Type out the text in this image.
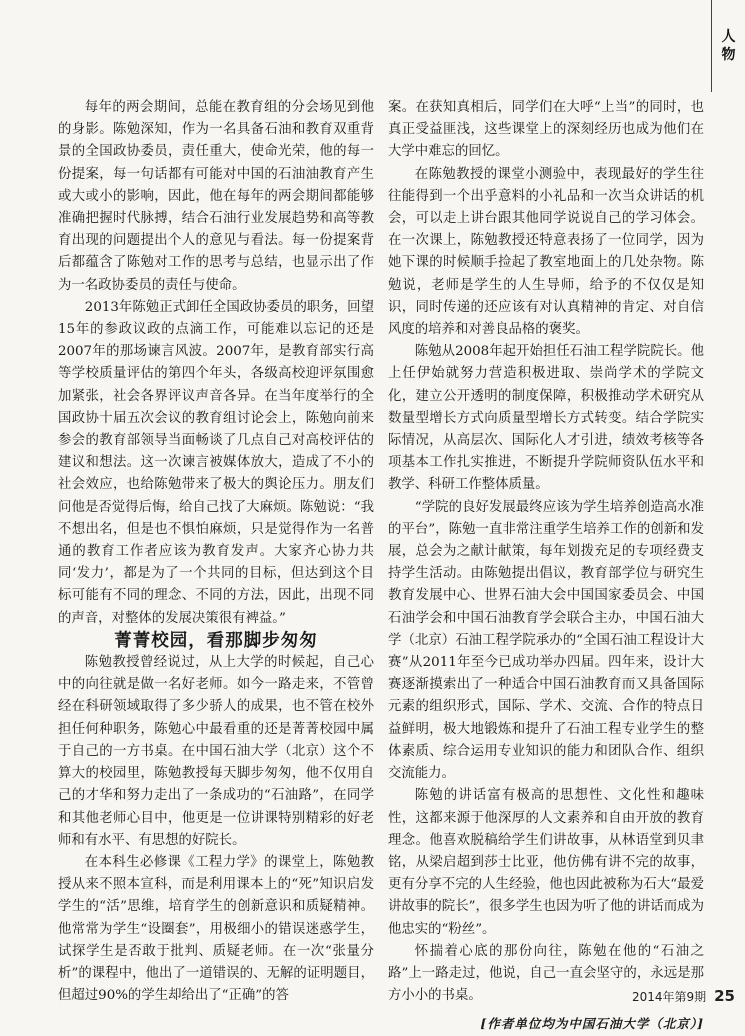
人
物

每年的两会期间，总能在教育组的分会场见到他的身影。陈勉深知，作为一名具备石油和教育双重背景的全国政协委员，责任重大，使命光荣，他的每一份提案，每一句话都有可能对中国的石油油教育产生或大或小的影响，因此，他在每年的两会期间都能够准确把握时代脉搏，结合石油行业发展趋势和高等教育出现的问题提出个人的意见与看法。每一份提案背后都蕴含了陈勉对工作的思考与总结，也显示出了作为一名政协委员的责任与使命。

2013年陈勉正式卸任全国政协委员的职务，回望15年的参政议政的点滴工作，可能难以忘记的还是2007年的那场谏言风波。2007年，是教育部实行高等学校质量评估的第四个年头，各级高校迎评氛围愈加紧张，社会各界评议声音各异。在当年度举行的全国政协十届五次会议的教育组讨论会上，陈勉向前来参会的教育部领导当面畅谈了几点自己对高校评估的建议和想法。这一次谏言被媒体放大，造成了不小的社会效应，也给陈勉带来了极大的舆论压力。朋友们问他是否觉得后悔，给自己找了大麻烦。陈勉说：“我不想出名，但是也不惧怕麻烦，只是觉得作为一名普通的教育工作者应该为教育发声。大家齐心协力共同‘发力’，都是为了一个共同的目标，但达到这个目标可能有不同的理念、不同的方法，因此，出现不同的声音，对整体的发展决策很有裨益。”

菁菁校园，看那脚步匆匆

陈勉教授曾经说过，从上大学的时候起，自己心中的向往就是做一名好老师。如今一路走来，不管曾经在科研领域取得了多少骄人的成果，也不管在校外担任何种职务，陈勉心中最看重的还是菁菁校园中属于自己的一方书桌。在中国石油大学（北京）这个不算大的校园里，陈勉教授每天脚步匆匆，他不仅用自己的才华和努力走出了一条成功的“石油路”，在同学和其他老师心目中，他更是一位讲课特别精彩的好老师和有水平、有思想的好院长。

在本科生必修课《工程力学》的课堂上，陈勉教授从来不照本宣科，而是利用课本上的“死”知识启发学生的“活”思维，培育学生的创新意识和质疑精神。他常常为学生“设圈套”，用极细小的错误迷惑学生，试探学生是否敢于批判、质疑老师。在一次“张量分析”的课程中，他出了一道错误的、无解的证明题目，但超过90%的学生却给出了“正确”的答

案。在获知真相后，同学们在大呼“上当”的同时，也真正受益匪浅，这些课堂上的深刻经历也成为他们在大学中难忘的回忆。

在陈勉教授的课堂小测验中，表现最好的学生往往能得到一个出乎意料的小礼品和一次当众讲话的机会，可以走上讲台跟其他同学说说自己的学习体会。在一次课上，陈勉教授还特意表扬了一位同学，因为她下课的时候顺手捡起了教室地面上的几处杂物。陈勉说，老师是学生的人生导师，给予的不仅仅是知识，同时传递的还应该有对认真精神的肯定、对自信风度的培养和对善良品格的褒奖。

陈勉从2008年起开始担任石油工程学院院长。他上任伊始就努力营造积极进取、崇尚学术的学院文化，建立公开透明的制度保障，积极推动学术研究从数量型增长方式向质量型增长方式转变。结合学院实际情况，从高层次、国际化人才引进，绩效考核等各项基本工作扎实推进，不断提升学院师资队伍水平和教学、科研工作整体质量。

“学院的良好发展最终应该为学生培养创造高水准的平台”，陈勉一直非常注重学生培养工作的创新和发展，总会为之献计献策，每年划拨充足的专项经费支持学生活动。由陈勉提出倡议，教育部学位与研究生教育发展中心、世界石油大会中国国家委员会、中国石油学会和中国石油教育学会联合主办，中国石油大学（北京）石油工程学院承办的“全国石油工程设计大赛”从2011年至今已成功举办四届。四年来，设计大赛逐渐摸索出了一种适合中国石油教育而又具备国际元素的组织形式，国际、学术、交流、合作的特点日益鲜明，极大地锻炼和提升了石油工程专业学生的整体素质、综合运用专业知识的能力和团队合作、组织交流能力。

陈勉的讲话富有极高的思想性、文化性和趣味性，这都来源于他深厚的人文素养和自由开放的教育理念。他喜欢脱稿给学生们讲故事，从林语堂到贝聿铭，从梁启超到莎士比亚，他仿佛有讲不完的故事，更有分享不完的人生经验，他也因此被称为石大“最爱讲故事的院长”，很多学生也因为听了他的讲话而成为他忠实的“粉丝”。

怀揣着心底的那份向往，陈勉在他的“石油之路”上一路走过，他说，自己一直会坚守的，永远是那方小小的书桌。

[作者单位均为中国石油大学（北京）]

2014年第9期 25
